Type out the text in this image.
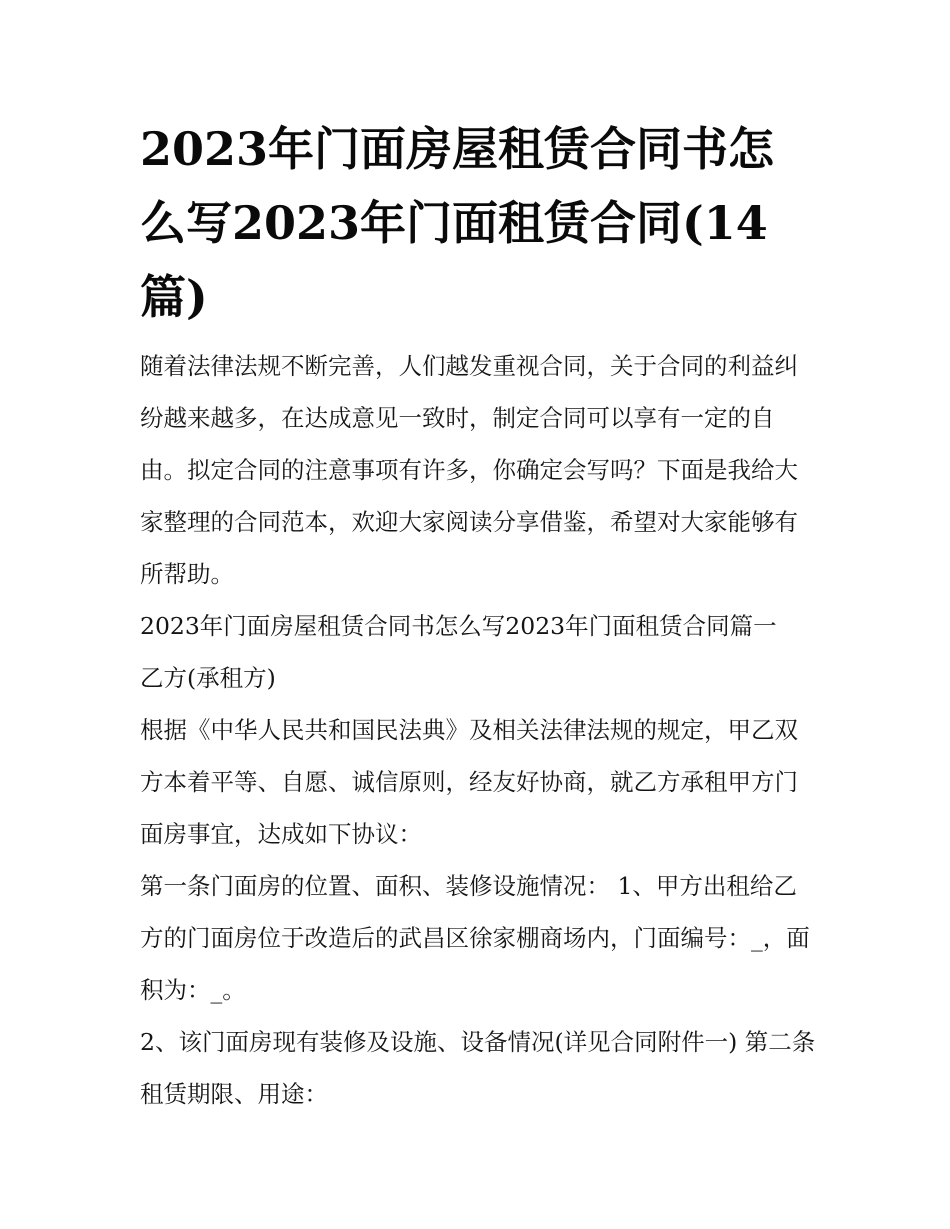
2023年门面房屋租赁合同书怎么写2023年门面租赁合同(14篇)

随着法律法规不断完善，人们越发重视合同，关于合同的利益纠纷越来越多，在达成意见一致时，制定合同可以享有一定的自由。拟定合同的注意事项有许多，你确定会写吗？下面是我给大家整理的合同范本，欢迎大家阅读分享借鉴，希望对大家能够有所帮助。

2023年门面房屋租赁合同书怎么写2023年门面租赁合同篇一

乙方(承租方)

根据《中华人民共和国民法典》及相关法律法规的规定，甲乙双方本着平等、自愿、诚信原则，经友好协商，就乙方承租甲方门面房事宜，达成如下协议：

第一条门面房的位置、面积、装修设施情况： 1、甲方出租给乙方的门面房位于改造后的武昌区徐家棚商场内，门面编号：_，面积为：_。

2、该门面房现有装修及设施、设备情况(详见合同附件一) 第二条租赁期限、用途：
